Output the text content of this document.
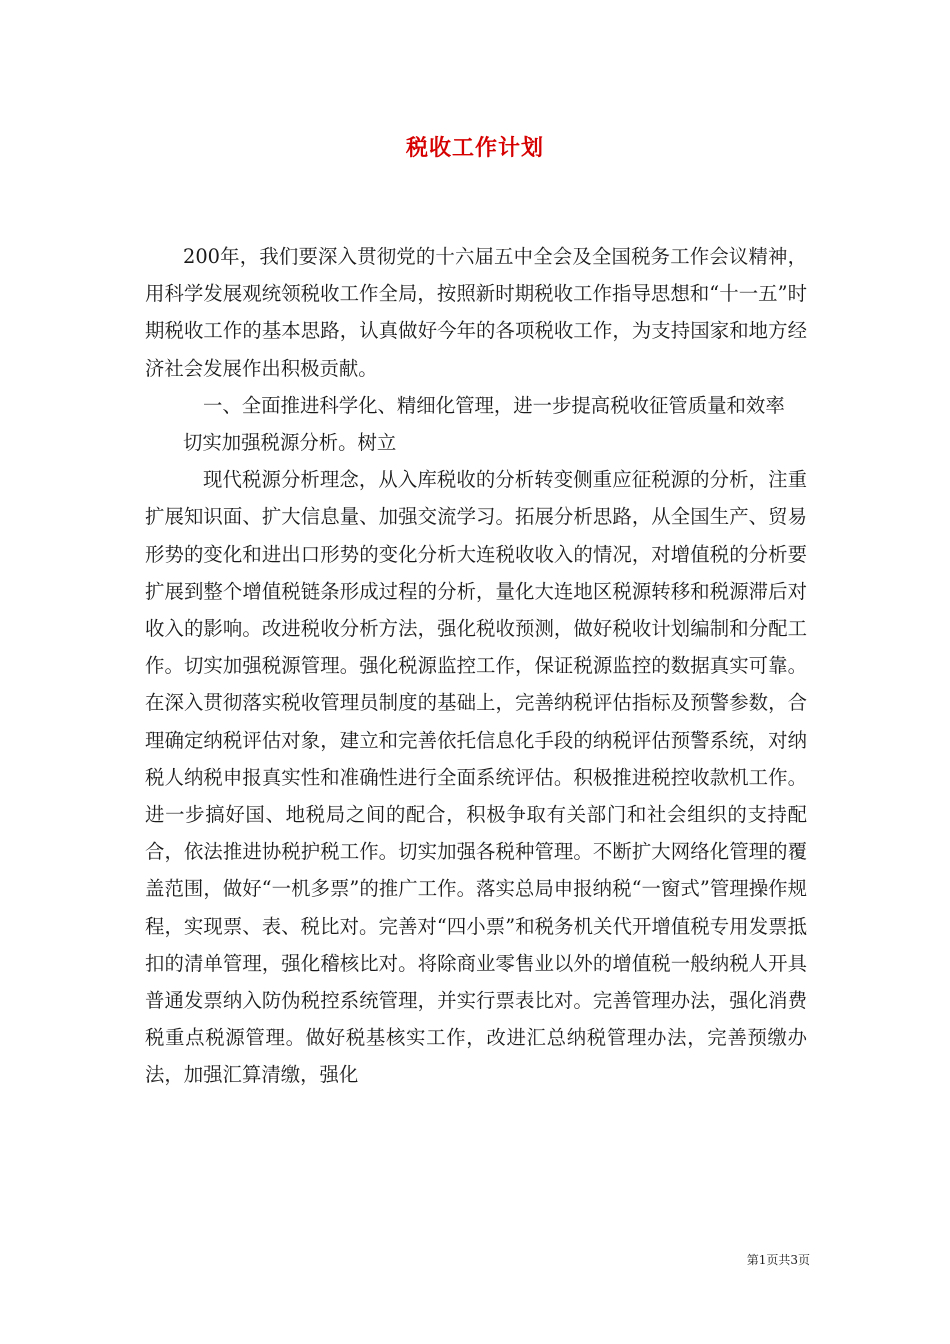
税收工作计划

200年，我们要深入贯彻党的十六届五中全会及全国税务工作会议精神，用科学发展观统领税收工作全局，按照新时期税收工作指导思想和“十一五”时期税收工作的基本思路，认真做好今年的各项税收工作，为支持国家和地方经济社会发展作出积极贡献。

一、全面推进科学化、精细化管理，进一步提高税收征管质量和效率

切实加强税源分析。树立

现代税源分析理念，从入库税收的分析转变侧重应征税源的分析，注重扩展知识面、扩大信息量、加强交流学习。拓展分析思路，从全国生产、贸易形势的变化和进出口形势的变化分析大连税收收入的情况，对增值税的分析要扩展到整个增值税链条形成过程的分析，量化大连地区税源转移和税源滞后对收入的影响。改进税收分析方法，强化税收预测，做好税收计划编制和分配工作。切实加强税源管理。强化税源监控工作，保证税源监控的数据真实可靠。在深入贯彻落实税收管理员制度的基础上，完善纳税评估指标及预警参数，合理确定纳税评估对象，建立和完善依托信息化手段的纳税评估预警系统，对纳税人纳税申报真实性和准确性进行全面系统评估。积极推进税控收款机工作。进一步搞好国、地税局之间的配合，积极争取有关部门和社会组织的支持配合，依法推进协税护税工作。切实加强各税种管理。不断扩大网络化管理的覆盖范围，做好“一机多票”的推广工作。落实总局申报纳税“一窗式”管理操作规程，实现票、表、税比对。完善对“四小票”和税务机关代开增值税专用发票抵扣的清单管理，强化稽核比对。将除商业零售业以外的增值税一般纳税人开具普通发票纳入防伪税控系统管理，并实行票表比对。完善管理办法，强化消费税重点税源管理。做好税基核实工作，改进汇总纳税管理办法，完善预缴办法，加强汇算清缴，强化

第1页共3页
